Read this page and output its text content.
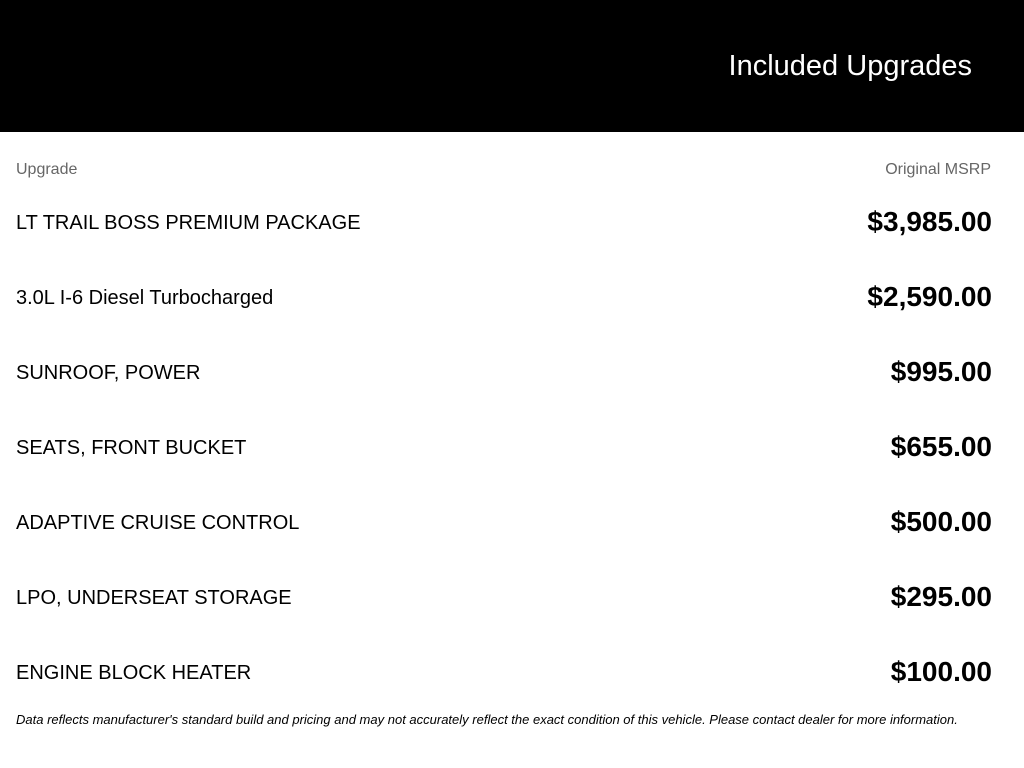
Included Upgrades
Upgrade	Original MSRP
LT TRAIL BOSS PREMIUM PACKAGE	$3,985.00
3.0L I-6 Diesel Turbocharged	$2,590.00
SUNROOF, POWER	$995.00
SEATS, FRONT BUCKET	$655.00
ADAPTIVE CRUISE CONTROL	$500.00
LPO, UNDERSEAT STORAGE	$295.00
ENGINE BLOCK HEATER	$100.00
Data reflects manufacturer's standard build and pricing and may not accurately reflect the exact condition of this vehicle. Please contact dealer for more information.
